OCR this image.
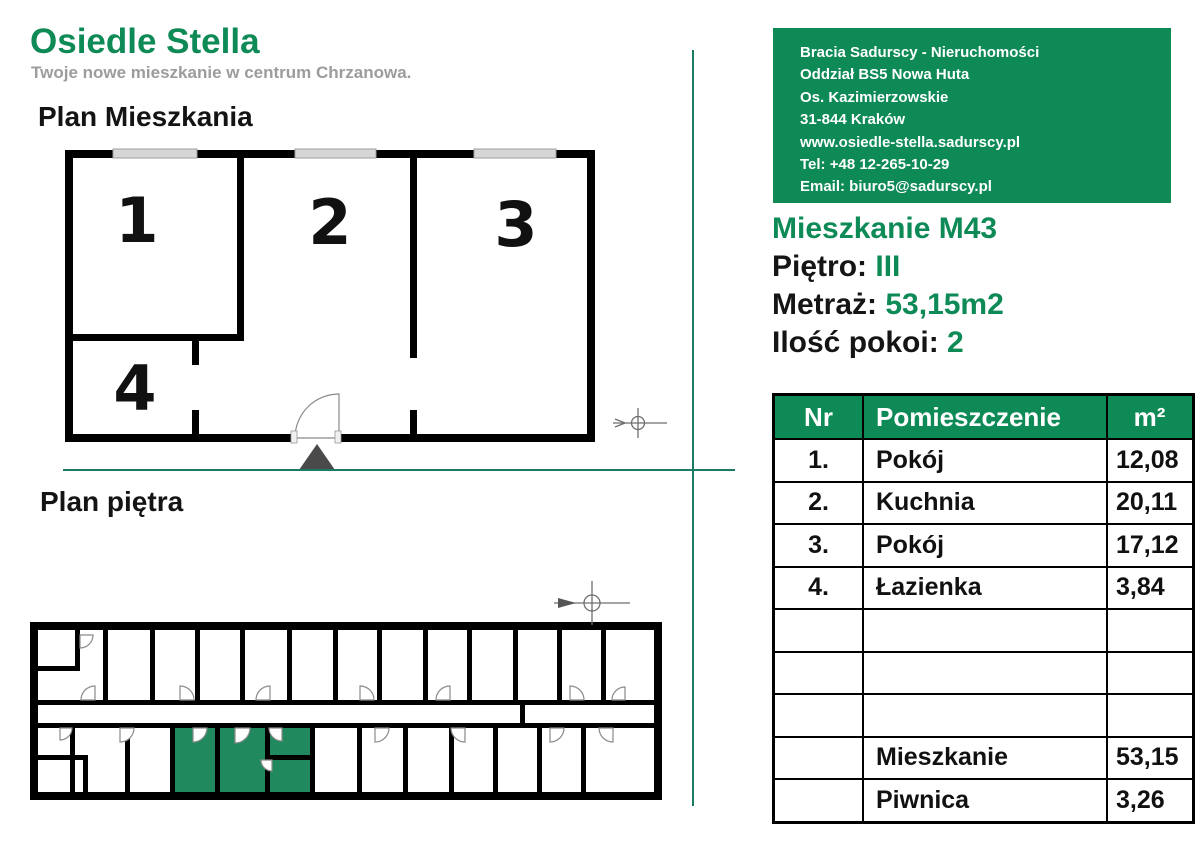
Osiedle Stella
Twoje nowe mieszkanie w centrum Chrzanowa.
Plan Mieszkania
1 2 3
4
Plan piętra
Bracia Sadurscy - Nieruchomości
Oddział BS5 Nowa Huta
Os. Kazimierzowskie
31-844 Kraków
www.osiedle-stella.sadurscy.pl
Tel: +48 12-265-10-29
Email: biuro5@sadurscy.pl
Mieszkanie M43
Piętro: III
Metraż: 53,15m2
Ilość pokoi: 2
Nr	Pomieszczenie	m²
1.	Pokój	12,08
2.	Kuchnia	20,11
3.	Pokój	17,12
4.	Łazienka	3,84

	Mieszkanie	53,15
	Piwnica	3,26
